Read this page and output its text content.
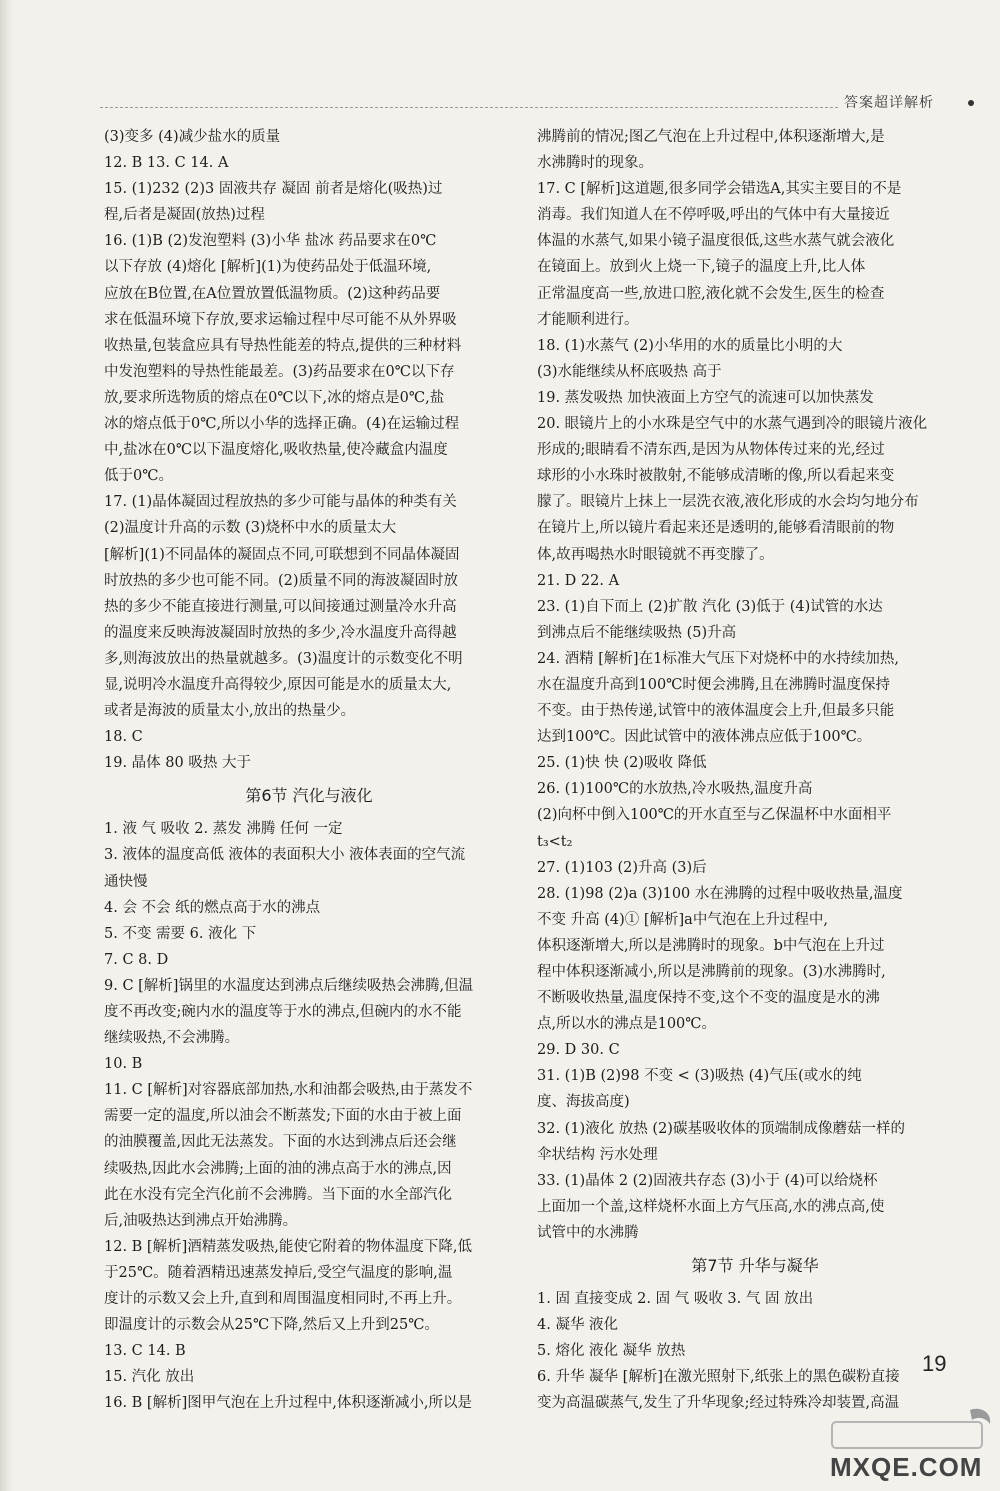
答案超详解析
(3)变多 (4)减少盐水的质量
12. B 13. C 14. A
15. (1)232 (2)3 固液共存 凝固 前者是熔化(吸热)过
程,后者是凝固(放热)过程
16. (1)B (2)发泡塑料 (3)小华 盐冰 药品要求在0℃
以下存放 (4)熔化 [解析](1)为使药品处于低温环境,
应放在B位置,在A位置放置低温物质。(2)这种药品要
求在低温环境下存放,要求运输过程中尽可能不从外界吸
收热量,包装盒应具有导热性能差的特点,提供的三种材料
中发泡塑料的导热性能最差。(3)药品要求在0℃以下存
放,要求所选物质的熔点在0℃以下,冰的熔点是0℃,盐
冰的熔点低于0℃,所以小华的选择正确。(4)在运输过程
中,盐冰在0℃以下温度熔化,吸收热量,使冷藏盒内温度
低于0℃。
17. (1)晶体凝固过程放热的多少可能与晶体的种类有关
(2)温度计升高的示数 (3)烧杯中水的质量太大
[解析](1)不同晶体的凝固点不同,可联想到不同晶体凝固
时放热的多少也可能不同。(2)质量不同的海波凝固时放
热的多少不能直接进行测量,可以间接通过测量冷水升高
的温度来反映海波凝固时放热的多少,冷水温度升高得越
多,则海波放出的热量就越多。(3)温度计的示数变化不明
显,说明冷水温度升高得较少,原因可能是水的质量太大,
或者是海波的质量太小,放出的热量少。
18. C
19. 晶体 80 吸热 大于
第6节 汽化与液化
1. 液 气 吸收 2. 蒸发 沸腾 任何 一定
3. 液体的温度高低 液体的表面积大小 液体表面的空气流
通快慢
4. 会 不会 纸的燃点高于水的沸点
5. 不变 需要 6. 液化 下
7. C 8. D
9. C [解析]锅里的水温度达到沸点后继续吸热会沸腾,但温
度不再改变;碗内水的温度等于水的沸点,但碗内的水不能
继续吸热,不会沸腾。
10. B
11. C [解析]对容器底部加热,水和油都会吸热,由于蒸发不
需要一定的温度,所以油会不断蒸发;下面的水由于被上面
的油膜覆盖,因此无法蒸发。下面的水达到沸点后还会继
续吸热,因此水会沸腾;上面的油的沸点高于水的沸点,因
此在水没有完全汽化前不会沸腾。当下面的水全部汽化
后,油吸热达到沸点开始沸腾。
12. B [解析]酒精蒸发吸热,能使它附着的物体温度下降,低
于25℃。随着酒精迅速蒸发掉后,受空气温度的影响,温
度计的示数又会上升,直到和周围温度相同时,不再上升。
即温度计的示数会从25℃下降,然后又上升到25℃。
13. C 14. B
15. 汽化 放出
16. B [解析]图甲气泡在上升过程中,体积逐渐减小,所以是
沸腾前的情况;图乙气泡在上升过程中,体积逐渐增大,是
水沸腾时的现象。
17. C [解析]这道题,很多同学会错选A,其实主要目的不是
消毒。我们知道人在不停呼吸,呼出的气体中有大量接近
体温的水蒸气,如果小镜子温度很低,这些水蒸气就会液化
在镜面上。放到火上烧一下,镜子的温度上升,比人体
正常温度高一些,放进口腔,液化就不会发生,医生的检查
才能顺利进行。
18. (1)水蒸气 (2)小华用的水的质量比小明的大
(3)水能继续从杯底吸热 高于
19. 蒸发吸热 加快液面上方空气的流速可以加快蒸发
20. 眼镜片上的小水珠是空气中的水蒸气遇到冷的眼镜片液化
形成的;眼睛看不清东西,是因为从物体传过来的光,经过
球形的小水珠时被散射,不能够成清晰的像,所以看起来变
朦了。眼镜片上抹上一层洗衣液,液化形成的水会均匀地分布
在镜片上,所以镜片看起来还是透明的,能够看清眼前的物
体,故再喝热水时眼镜就不再变朦了。
21. D 22. A
23. (1)自下而上 (2)扩散 汽化 (3)低于 (4)试管的水达
到沸点后不能继续吸热 (5)升高
24. 酒精 [解析]在1标准大气压下对烧杯中的水持续加热,
水在温度升高到100℃时便会沸腾,且在沸腾时温度保持
不变。由于热传递,试管中的液体温度会上升,但最多只能
达到100℃。因此试管中的液体沸点应低于100℃。
25. (1)快 快 (2)吸收 降低
26. (1)100℃的水放热,冷水吸热,温度升高
(2)向杯中倒入100℃的开水直至与乙保温杯中水面相平
t₃<t₂
27. (1)103 (2)升高 (3)后
28. (1)98 (2)a (3)100 水在沸腾的过程中吸收热量,温度
不变 升高 (4)① [解析]a中气泡在上升过程中,
体积逐渐增大,所以是沸腾时的现象。b中气泡在上升过
程中体积逐渐减小,所以是沸腾前的现象。(3)水沸腾时,
不断吸收热量,温度保持不变,这个不变的温度是水的沸
点,所以水的沸点是100℃。
29. D 30. C
31. (1)B (2)98 不变 < (3)吸热 (4)气压(或水的纯
度、海拔高度)
32. (1)液化 放热 (2)碳基吸收体的顶端制成像蘑菇一样的
伞状结构 污水处理
33. (1)晶体 2 (2)固液共存态 (3)小于 (4)可以给烧杯
上面加一个盖,这样烧杯水面上方气压高,水的沸点高,使
试管中的水沸腾
第7节 升华与凝华
1. 固 直接变成 2. 固 气 吸收 3. 气 固 放出
4. 凝华 液化
5. 熔化 液化 凝华 放热
6. 升华 凝华 [解析]在激光照射下,纸张上的黑色碳粉直接
变为高温碳蒸气,发生了升华现象;经过特殊冷却装置,高温
19
MXQE.COM
